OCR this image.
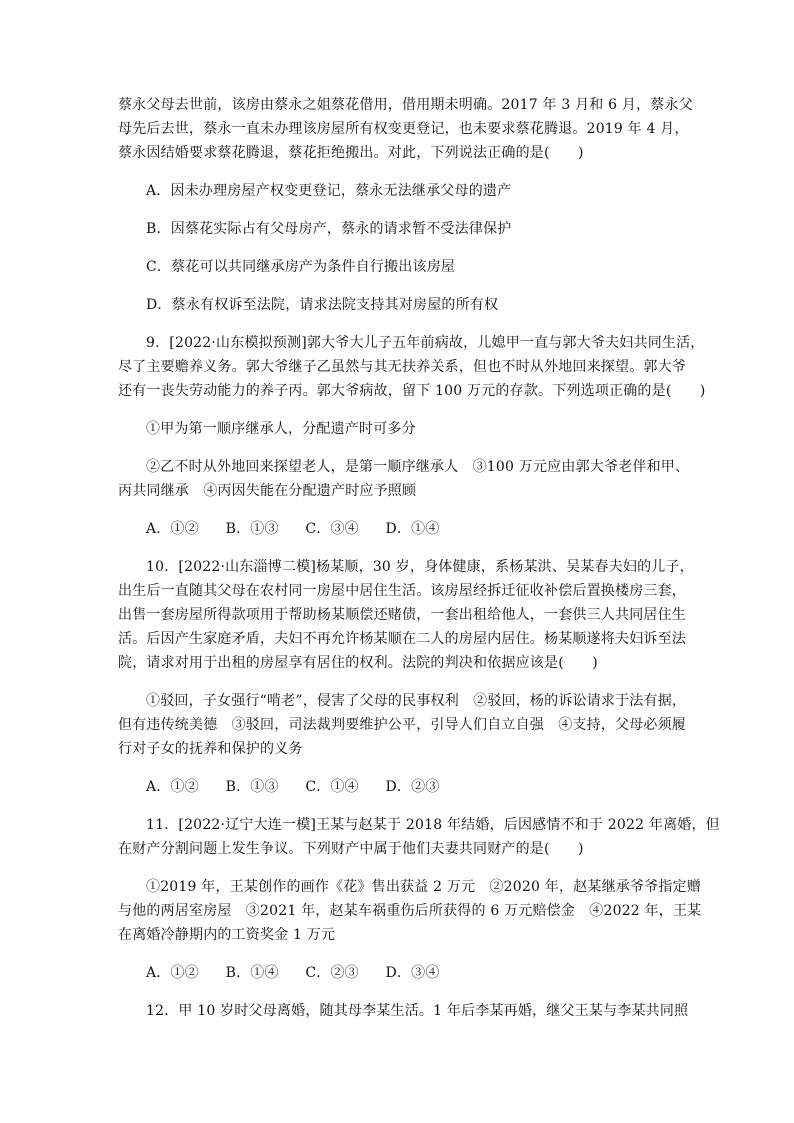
蔡永父母去世前，该房由蔡永之姐蔡花借用，借用期未明确。2017 年 3 月和 6 月，蔡永父
母先后去世，蔡永一直未办理该房屋所有权变更登记，也未要求蔡花腾退。2019 年 4 月，
蔡永因结婚要求蔡花腾退，蔡花拒绝搬出。对此，下列说法正确的是(　　)
A．因未办理房屋产权变更登记，蔡永无法继承父母的遗产
B．因蔡花实际占有父母房产，蔡永的请求暂不受法律保护
C．蔡花可以共同继承房产为条件自行搬出该房屋
D．蔡永有权诉至法院，请求法院支持其对房屋的所有权
9．[2022·山东模拟预测]郭大爷大儿子五年前病故，儿媳甲一直与郭大爷夫妇共同生活，
尽了主要赡养义务。郭大爷继子乙虽然与其无扶养关系，但也不时从外地回来探望。郭大爷
还有一丧失劳动能力的养子丙。郭大爷病故，留下 100 万元的存款。下列选项正确的是(　　)
①甲为第一顺序继承人，分配遗产时可多分
②乙不时从外地回来探望老人，是第一顺序继承人　③100 万元应由郭大爷老伴和甲、
丙共同继承　④丙因失能在分配遗产时应予照顾
A．①② B．①③ C．③④ D．①④
10．[2022·山东淄博二模]杨某顺，30 岁，身体健康，系杨某洪、吴某春夫妇的儿子，
出生后一直随其父母在农村同一房屋中居住生活。该房屋经拆迁征收补偿后置换楼房三套，
出售一套房屋所得款项用于帮助杨某顺偿还赌债，一套出租给他人，一套供三人共同居住生
活。后因产生家庭矛盾，夫妇不再允许杨某顺在二人的房屋内居住。杨某顺遂将夫妇诉至法
院，请求对用于出租的房屋享有居住的权利。法院的判决和依据应该是(　　)
①驳回，子女强行“啃老”，侵害了父母的民事权利　②驳回，杨的诉讼请求于法有据，
但有违传统美德　③驳回，司法裁判要维护公平，引导人们自立自强　④支持，父母必须履
行对子女的抚养和保护的义务
A．①② B．①③ C．①④ D．②③
11．[2022·辽宁大连一模]王某与赵某于 2018 年结婚，后因感情不和于 2022 年离婚，但
在财产分割问题上发生争议。下列财产中属于他们夫妻共同财产的是(　　)
①2019 年，王某创作的画作《花》售出获益 2 万元　②2020 年，赵某继承爷爷指定赠
与他的两居室房屋　③2021 年，赵某车祸重伤后所获得的 6 万元赔偿金　④2022 年，王某
在离婚冷静期内的工资奖金 1 万元
A．①② B．①④ C．②③ D．③④
12．甲 10 岁时父母离婚，随其母李某生活。1 年后李某再婚，继父王某与李某共同照
